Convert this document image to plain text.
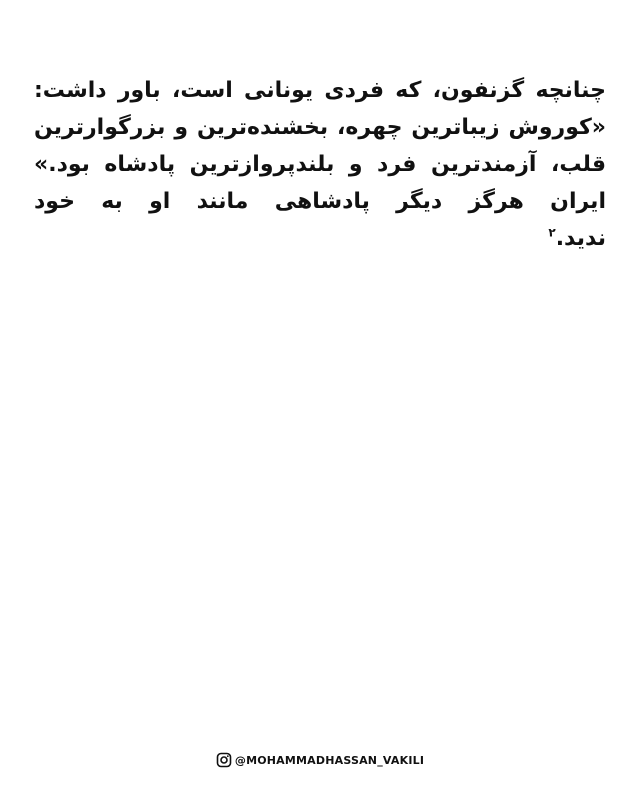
چنانچه گزنفون، که فردی یونانی است، باور داشت:
«کوروش زیباترین چهره، بخشنده‌ترین و بزرگوارترین
قلب، آزمندترین فرد و بلندپروازترین پادشاه بود.»
ایران هرگز دیگر پادشاهی مانند او به خود
ندید.$^۲$
@MOHAMMADHASSAN_VAKILI
